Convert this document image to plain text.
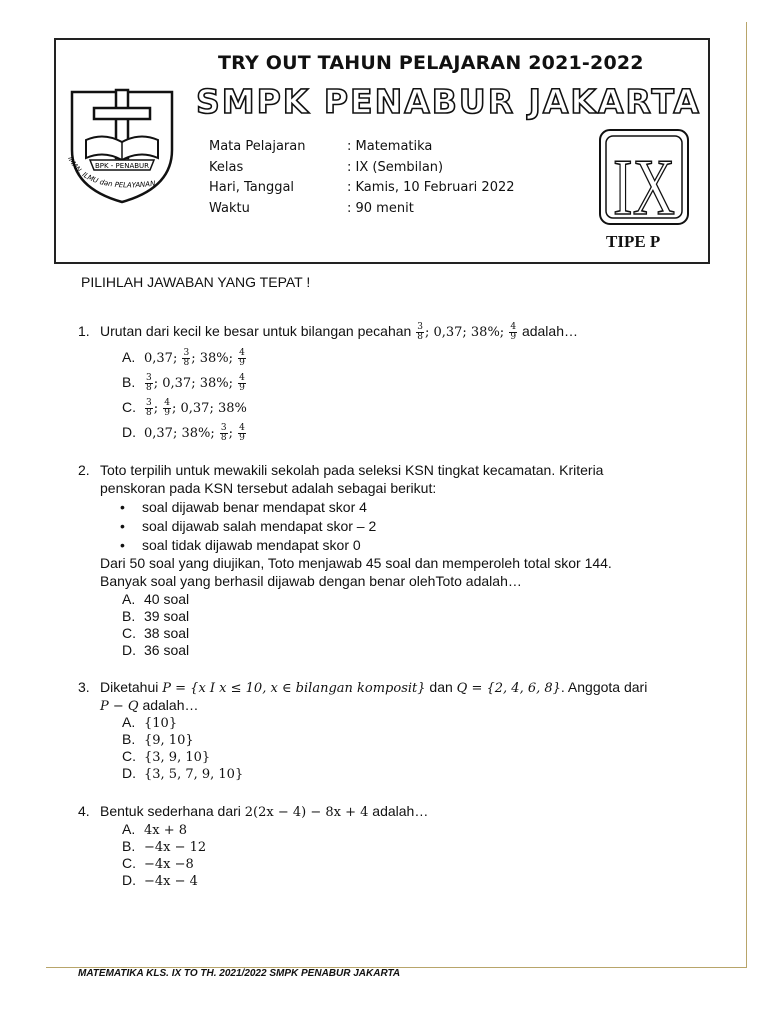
BPK - PENABUR
IMAN, ILMU dan PELAYANAN
TRY OUT TAHUN PELAJARAN 2021-2022
SMPK PENABUR JAKARTA
Mata Pelajaran	: Matematika
Kelas	: IX (Sembilan)
Hari, Tanggal	: Kamis, 10 Februari 2022
Waktu	: 90 menit IX
TIPE P
PILIHLAH JAWABAN YANG TEPAT !
1. Urutan dari kecil ke besar untuk bilangan pecahan $\frac{3}{8}$ ; 0,37; 38%; $\frac{4}{9}$ adalah…
A. 0,37; $\frac{3}{8}$ ; 38%; $\frac{4}{9}$
B. $\frac{3}{8}$ ; 0,37; 38%; $\frac{4}{9}$
C. $\frac{3}{8}$ ; $\frac{4}{9}$ ; 0,37; 38%
D. 0,37; 38%; $\frac{3}{8}$ ; $\frac{4}{9}$
2. Toto terpilih untuk mewakili sekolah pada seleksi KSN tingkat kecamatan. Kriteria
penskoran pada KSN tersebut adalah sebagai berikut:
• soal dijawab benar mendapat skor 4
• soal dijawab salah mendapat skor – 2
• soal tidak dijawab mendapat skor 0
Dari 50 soal yang diujikan, Toto menjawab 45 soal dan memperoleh total skor 144.
Banyak soal yang berhasil dijawab dengan benar olehToto adalah…
A. 40 soal
B. 39 soal
C. 38 soal
D. 36 soal
3. Diketahui P = {x I x ≤ 10, x ∈ bilangan komposit} dan Q = {2, 4, 6, 8}. Anggota dari
P − Q adalah…
A. {10}
B. {9, 10}
C. {3, 9, 10}
D. {3, 5, 7, 9, 10}
4. Bentuk sederhana dari 2(2x − 4) − 8x + 4 adalah…
A. 4x + 8
B. −4x − 12
C. −4x −8
D. −4x − 4
MATEMATIKA KLS. IX TO TH. 2021/2022 SMPK PENABUR JAKARTA
